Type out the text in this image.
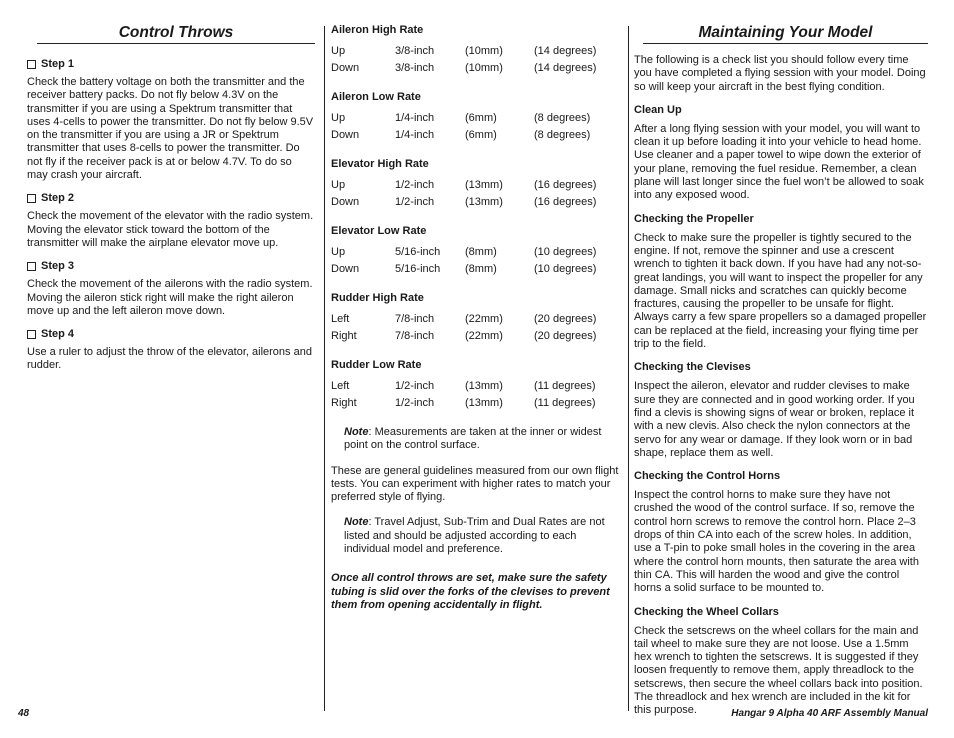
Control Throws
Step 1

Check the battery voltage on both the transmitter and the receiver battery packs. Do not fly below 4.3V on the transmitter if you are using a Spektrum transmitter that uses 4-cells to power the transmitter. Do not fly below 9.5V on the transmitter if you are using a JR or Spektrum transmitter that uses 8-cells to power the transmitter. Do not fly if the receiver pack is at or below 4.7V. To do so may crash your aircraft.

Step 2

Check the movement of the elevator with the radio system. Moving the elevator stick toward the bottom of the transmitter will make the airplane elevator move up.

Step 3

Check the movement of the ailerons with the radio system. Moving the aileron stick right will make the right aileron move up and the left aileron move down.

Step 4

Use a ruler to adjust the throw of the elevator, ailerons and rudder.

Aileron High Rate
Up	3/8-inch	(10mm)	(14 degrees)
Down	3/8-inch	(10mm)	(14 degrees)
Aileron Low Rate
Up	1/4-inch	(6mm)	(8 degrees)
Down	1/4-inch	(6mm)	(8 degrees)
Elevator High Rate
Up	1/2-inch	(13mm)	(16 degrees)
Down	1/2-inch	(13mm)	(16 degrees)
Elevator Low Rate
Up	5/16-inch	(8mm)	(10 degrees)
Down	5/16-inch	(8mm)	(10 degrees)
Rudder High Rate
Left	7/8-inch	(22mm)	(20 degrees)
Right	7/8-inch	(22mm)	(20 degrees)
Rudder Low Rate
Left	1/2-inch	(13mm)	(11 degrees)
Right	1/2-inch	(13mm)	(11 degrees)

Note: Measurements are taken at the inner or widest point on the control surface.

These are general guidelines measured from our own flight tests. You can experiment with higher rates to match your preferred style of flying.

Note: Travel Adjust, Sub-Trim and Dual Rates are not listed and should be adjusted according to each individual model and preference.

Once all control throws are set, make sure the safety tubing is slid over the forks of the clevises to prevent them from opening accidentally in flight.

Maintaining Your Model

The following is a check list you should follow every time you have completed a flying session with your model. Doing so will keep your aircraft in the best flying condition.

Clean Up

After a long flying session with your model, you will want to clean it up before loading it into your vehicle to head home. Use cleaner and a paper towel to wipe down the exterior of your plane, removing the fuel residue. Remember, a clean plane will last longer since the fuel won’t be allowed to soak into any exposed wood.

Checking the Propeller

Check to make sure the propeller is tightly secured to the engine. If not, remove the spinner and use a crescent wrench to tighten it back down. If you have had any not-so-great landings, you will want to inspect the propeller for any damage. Small nicks and scratches can quickly become fractures, causing the propeller to be unsafe for flight. Always carry a few spare propellers so a damaged propeller can be replaced at the field, increasing your flying time per trip to the field.

Checking the Clevises

Inspect the aileron, elevator and rudder clevises to make sure they are connected and in good working order. If you find a clevis is showing signs of wear or broken, replace it with a new clevis. Also check the nylon connectors at the servo for any wear or damage. If they look worn or in bad shape, replace them as well.

Checking the Control Horns

Inspect the control horns to make sure they have not crushed the wood of the control surface. If so, remove the control horn screws to remove the control horn. Place 2–3 drops of thin CA into each of the screw holes. In addition, use a T-pin to poke small holes in the covering in the area where the control horn mounts, then saturate the area with thin CA. This will harden the wood and give the control horns a solid surface to be mounted to.

Checking the Wheel Collars

Check the setscrews on the wheel collars for the main and tail wheel to make sure they are not loose. Use a 1.5mm hex wrench to tighten the setscrews. It is suggested if they loosen frequently to remove them, apply threadlock to the setscrews, then secure the wheel collars back into position. The threadlock and hex wrench are included in the kit for this purpose.

48	Hangar 9 Alpha 40 ARF Assembly Manual
